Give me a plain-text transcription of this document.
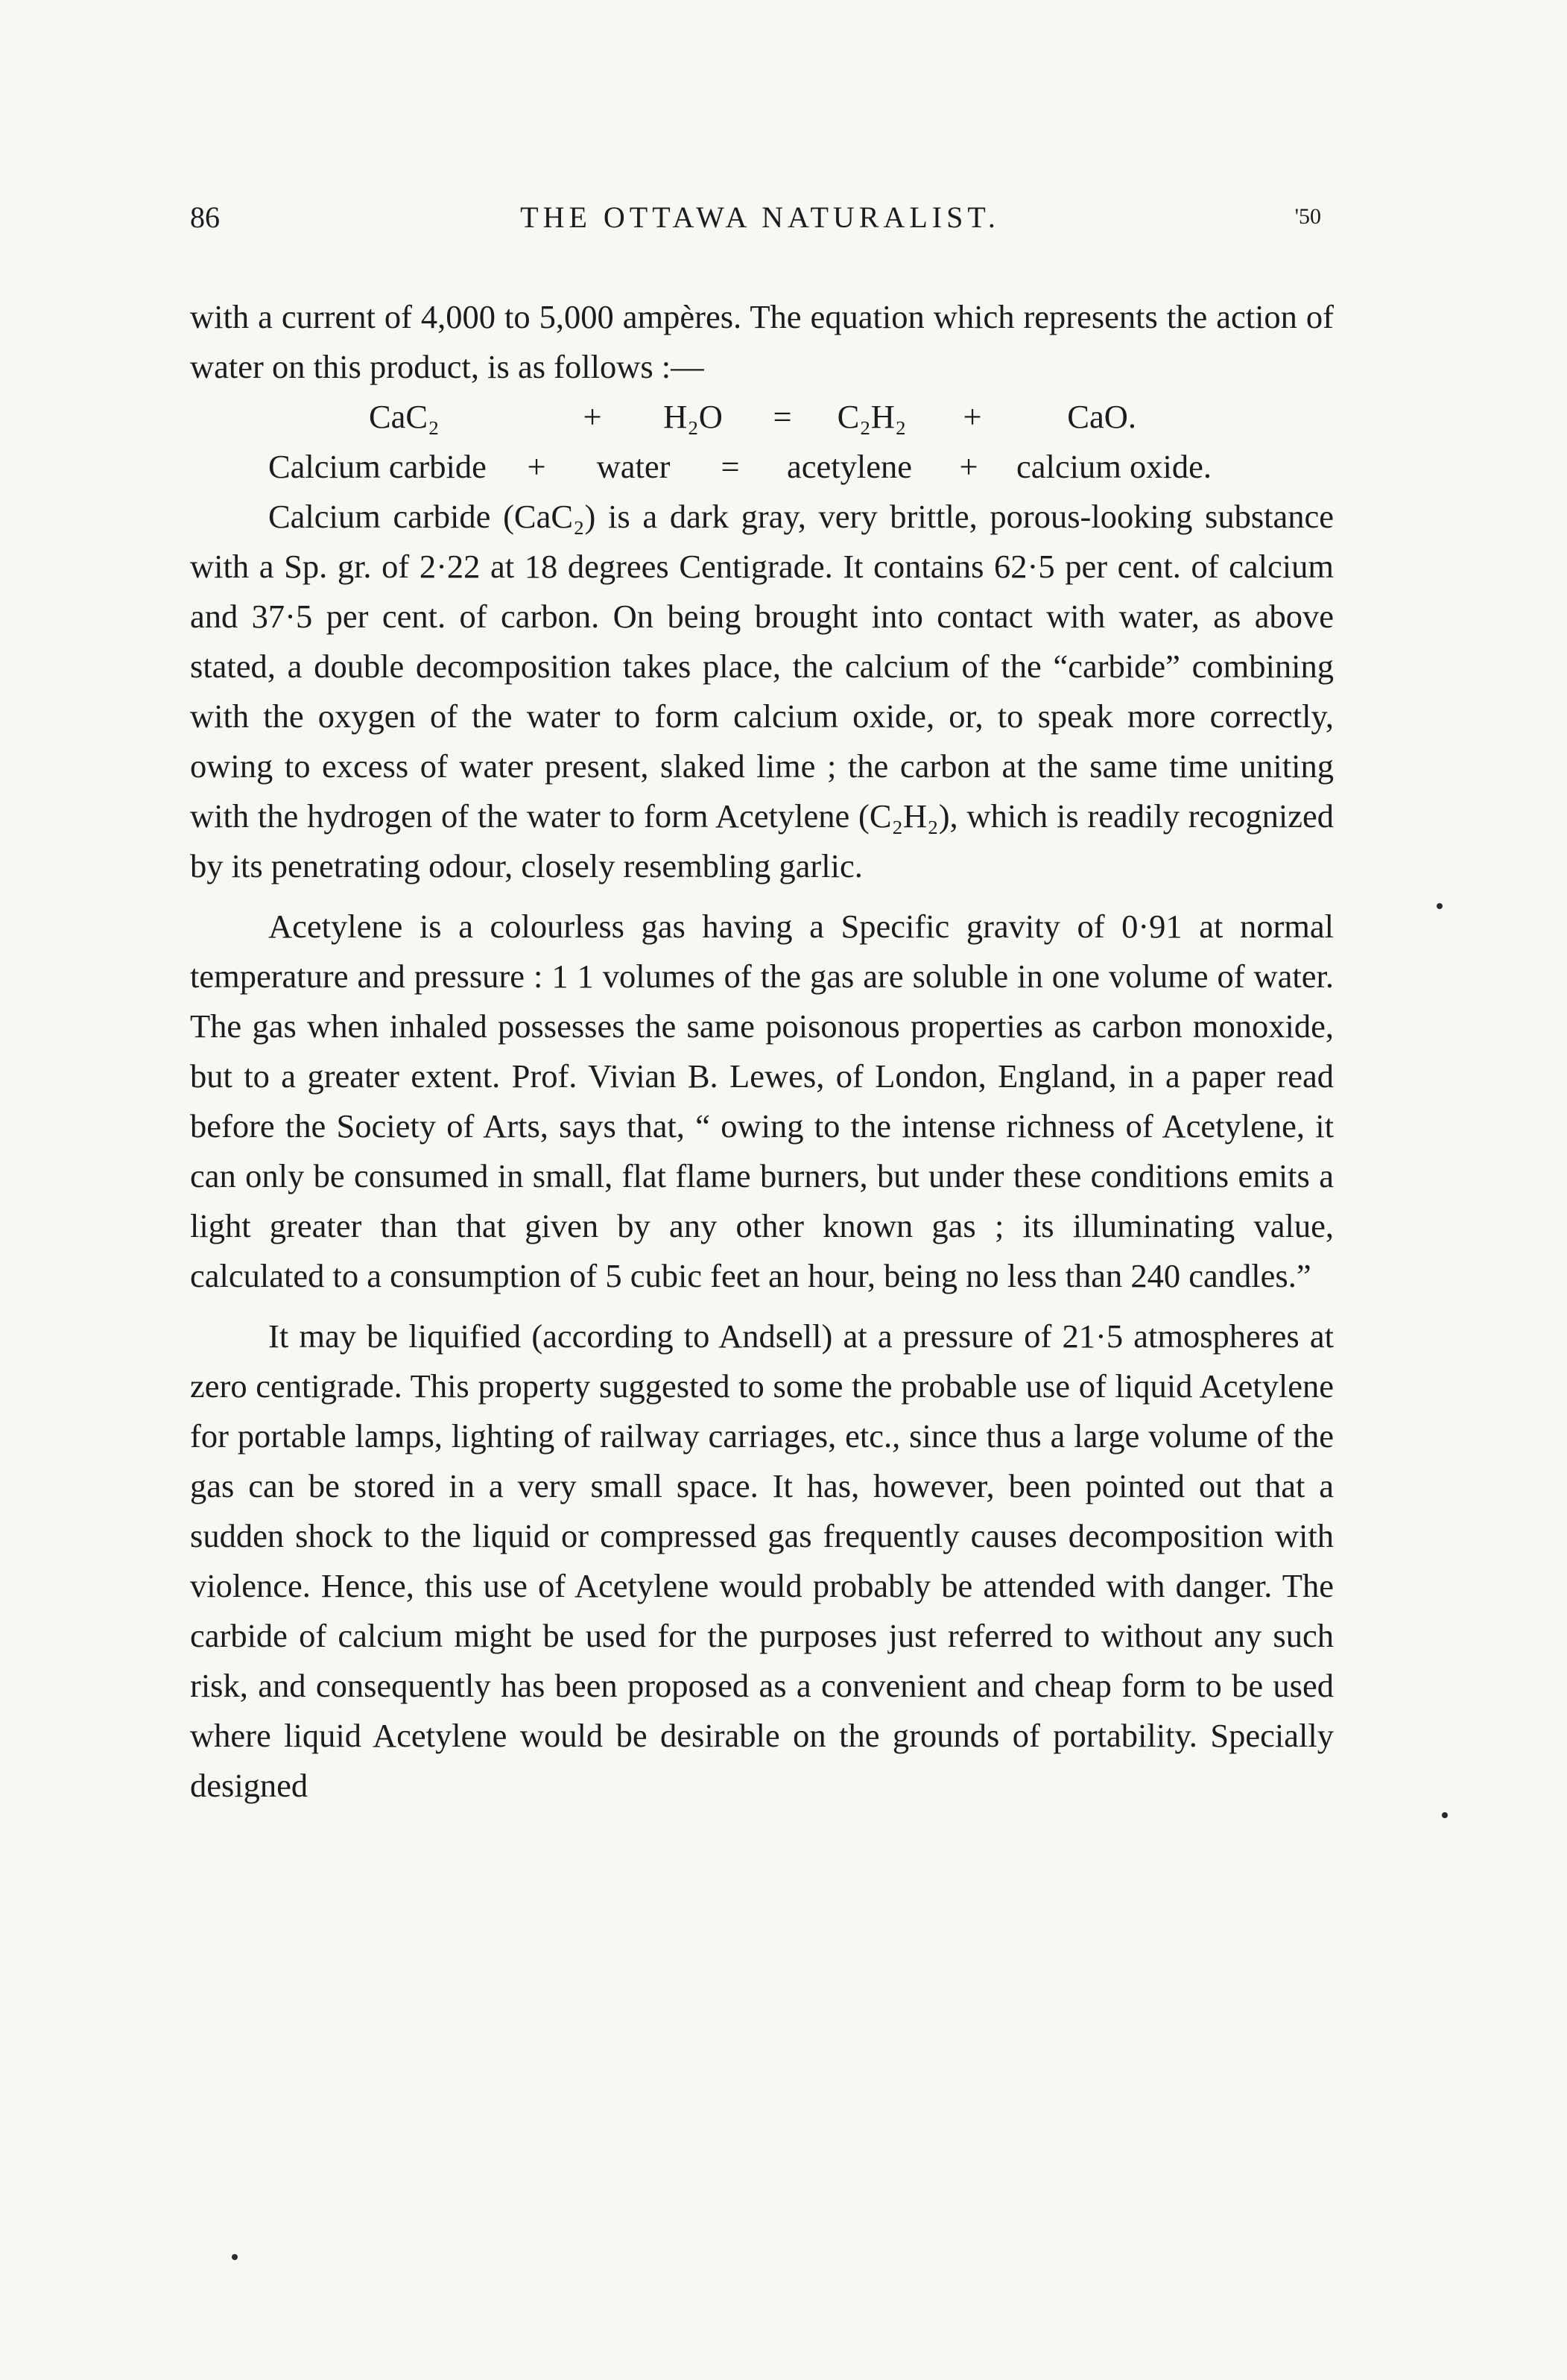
86	THE OTTAWA NATURALIST.	'50

with a current of 4,000 to 5,000 ampères. The equation which represents the action of water on this product, is as follows :—

CaC₂	+	H₂O	=	C₂H₂	+	CaO.
Calcium carbide	+	water	=	acetylene	+	calcium oxide.

Calcium carbide (CaC₂) is a dark gray, very brittle, porous-looking substance with a Sp. gr. of 2·22 at 18 degrees Centigrade. It contains 62·5 per cent. of calcium and 37·5 per cent. of carbon. On being brought into contact with water, as above stated, a double decomposition takes place, the calcium of the “carbide” combining with the oxygen of the water to form calcium oxide, or, to speak more correctly, owing to excess of water present, slaked lime ; the carbon at the same time uniting with the hydrogen of the water to form Acetylene (C₂H₂), which is readily recognized by its penetrating odour, closely resembling garlic.

Acetylene is a colourless gas having a Specific gravity of 0·91 at normal temperature and pressure : 1 1 volumes of the gas are soluble in one volume of water. The gas when inhaled possesses the same poisonous properties as carbon monoxide, but to a greater extent. Prof. Vivian B. Lewes, of London, England, in a paper read before the Society of Arts, says that, “ owing to the intense richness of Acetylene, it can only be consumed in small, flat flame burners, but under these conditions emits a light greater than that given by any other known gas ; its illuminating value, calculated to a consumption of 5 cubic feet an hour, being no less than 240 candles.”

It may be liquified (according to Andsell) at a pressure of 21·5 atmospheres at zero centigrade. This property suggested to some the probable use of liquid Acetylene for portable lamps, lighting of railway carriages, etc., since thus a large volume of the gas can be stored in a very small space. It has, however, been pointed out that a sudden shock to the liquid or compressed gas frequently causes decomposition with violence. Hence, this use of Acetylene would probably be attended with danger. The carbide of calcium might be used for the purposes just referred to without any such risk, and consequently has been proposed as a convenient and cheap form to be used where liquid Acetylene would be desirable on the grounds of portability. Specially designed
